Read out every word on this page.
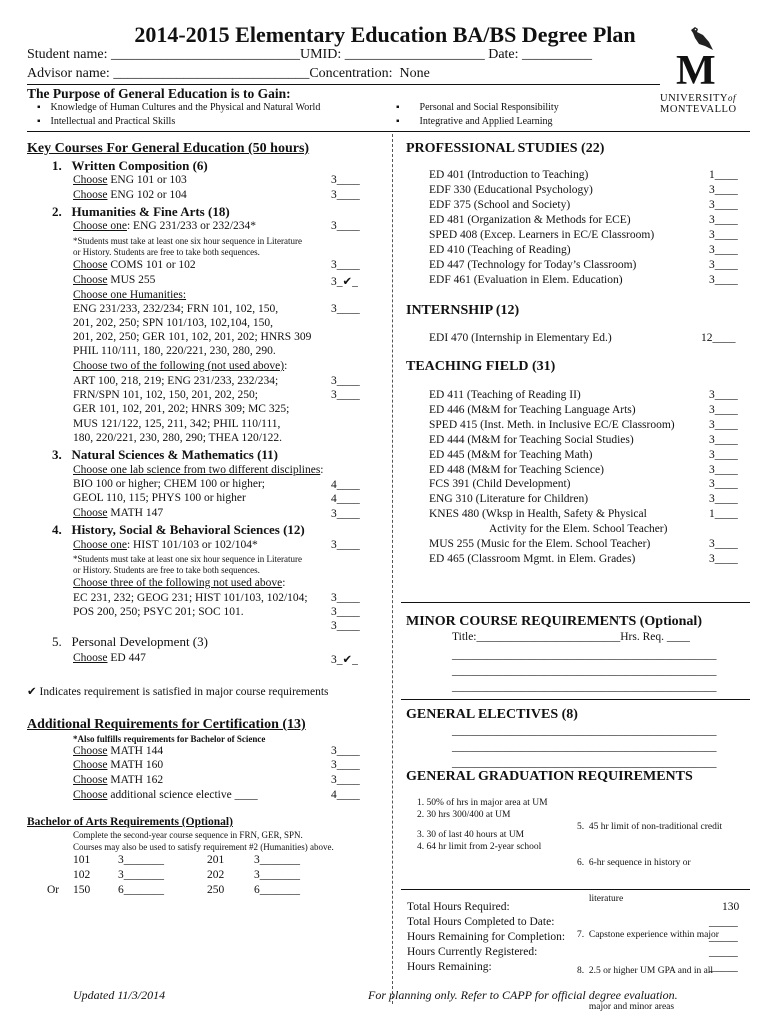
2014-2015 Elementary Education BA/BS Degree Plan
Student name: ___________________________UMID: ____________________ Date: __________
Advisor name: ____________________________Concentration:  None
The Purpose of General Education is to Gain:
▪    Knowledge of Human Cultures and the Physical and Natural World
▪    Intellectual and Practical Skills
▪        Personal and Social Responsibility
▪        Integrative and Applied Learning
M
UNIVERSITYof
MONTEVALLO
Key Courses For General Education (50 hours)
1. Written Composition (6)
Choose ENG 101 or 103	3____
Choose ENG 102 or 104	3____
2. Humanities & Fine Arts (18)
Choose one: ENG 231/233 or 232/234*	3____
*Students must take at least one six hour sequence in Literature
or History. Students are free to take both sequences.
Choose COMS 101 or 102	3____
Choose MUS 255	3_✔_
Choose one Humanities:
ENG 231/233, 232/234; FRN 101, 102, 150,	3____
201, 202, 250; SPN 101/103, 102,104, 150,
201, 202, 250; GER 101, 102, 201, 202; HNRS 309
PHIL 110/111, 180, 220/221, 230, 280, 290.
Choose two of the following (not used above):
ART 100, 218, 219; ENG 231/233, 232/234;	3____
FRN/SPN 101, 102, 150, 201, 202, 250;	3____
GER 101, 102, 201, 202; HNRS 309; MC 325;
MUS 121/122, 125, 211, 342; PHIL 110/111,
180, 220/221, 230, 280, 290; THEA 120/122.
3. Natural Sciences & Mathematics (11)
Choose one lab science from two different disciplines:
BIO 100 or higher; CHEM 100 or higher;	4____
GEOL 110, 115; PHYS 100 or higher	4____
Choose MATH 147	3____
4. History, Social & Behavioral Sciences (12)
Choose one: HIST 101/103 or 102/104*	3____
*Students must take at least one six hour sequence in Literature
or History. Students are free to take both sequences.
Choose three of the following not used above:
EC 231, 232; GEOG 231; HIST 101/103, 102/104; 3____
POS 200, 250; PSYC 201; SOC 101.	3____
3____
5. Personal Development (3)
Choose ED 447	3_✔_
✔ Indicates requirement is satisfied in major course requirements
Additional Requirements for Certification (13)
*Also fulfills requirements for Bachelor of Science
Choose MATH 144	3____
Choose MATH 160	3____
Choose MATH 162	3____
Choose additional science elective ____	4____
Bachelor of Arts Requirements (Optional)
Complete the second-year course sequence in FRN, GER, SPN.
Courses may also be used to satisfy requirement #2 (Humanities) above.
101 3_______	201	3_______
102 3_______	202	3_______
Or 150 6_______	250	6_______
PROFESSIONAL STUDIES (22)
ED 401 (Introduction to Teaching)	1____
EDF 330 (Educational Psychology)	3____
EDF 375 (School and Society)	3____
ED 481 (Organization & Methods for ECE)	3____
SPED 408 (Excep. Learners in EC/E Classroom)	3____
ED 410 (Teaching of Reading)	3____
ED 447 (Technology for Today’s Classroom)	3____
EDF 461 (Evaluation in Elem. Education)	3____
INTERNSHIP (12)
EDI 470 (Internship in Elementary Ed.)	12____
TEACHING FIELD (31)
ED 411 (Teaching of Reading II)	3____
ED 446 (M&M for Teaching Language Arts)	3____
SPED 415 (Inst. Meth. in Inclusive EC/E Classroom)	3____
ED 444 (M&M for Teaching Social Studies)	3____
ED 445 (M&M for Teaching Math)	3____
ED 448 (M&M for Teaching Science)	3____
FCS 391 (Child Development)	3____
ENG 310 (Literature for Children)	3____
KNES 480 (Wksp in Health, Safety & Physical	1____
Activity for the Elem. School Teacher)
MUS 255 (Music for the Elem. School Teacher)	3____
ED 465 (Classroom Mgmt. in Elem. Grades)	3____
MINOR COURSE REQUIREMENTS (Optional)
Title:_________________________Hrs. Req. ____
______________________________________________
______________________________________________
______________________________________________
GENERAL ELECTIVES (8)
______________________________________________
______________________________________________
______________________________________________
GENERAL GRADUATION REQUIREMENTS
1. 50% of hrs in major area at UM
2. 30 hrs 300/400 at UM
3. 30 of last 40 hours at UM
4. 64 hr limit from 2-year school

5.  45 hr limit of non-traditional credit

6.  6-hr sequence in history or

literature

7.  Capstone experience within major

8.  2.5 or higher UM GPA and in all

major and minor areas

Total Hours Required:	130
Total Hours Completed to Date:	_____
Hours Remaining for Completion:	_____
Hours Currently Registered:	_____
Hours Remaining:	_____
Updated 11/3/2014	For planning only. Refer to CAPP for official degree evaluation.
